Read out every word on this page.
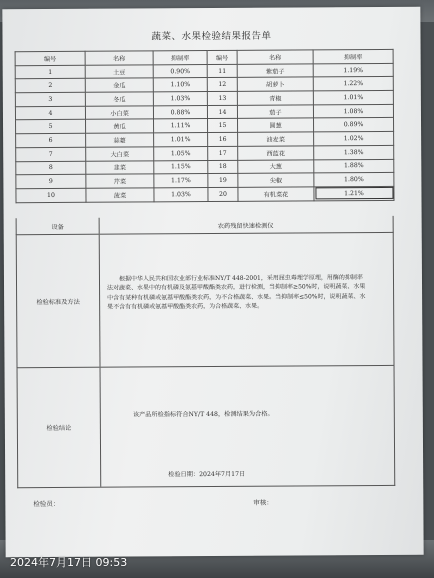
蔬菜、水果检验结果报告单
编号	名称	抑制率	编号	名称	抑制率
1	土豆	0.90%	11	紫茄子	1.19%
2	金瓜	1.10%	12	胡萝卜	1.22%
3	冬瓜	1.03%	13	青椒	1.01%
4	小白菜	0.88%	14	茄子	1.08%
5	黄瓜	1.11%	15	圆葱	0.89%
6	蒜薹	1.01%	16	油麦菜	1.02%
7	大白菜	1.05%	17	西蓝花	1.38%
8	韭菜	1.15%	18	大葱	1.88%
9	芹菜	1.17%	19	尖椒	1.80%
10	菠菜	1.03%	20	有机菜花	1.21%
设备	农药残留快速检测仪
检验标准及方法
根据中华人民共和国农业部行业标准NY/T 448-2001，采用屈虫毒理学原理，用酶的抑制率法对蔬菜、水果中的有机磷及氨基甲酸酯类农药，进行检测，当抑制率≥50%时，说明蔬菜、水果中含有某种有机磷或氨基甲酸酯类农药，为不合格蔬菜、水果。当抑制率≤50%时，说明蔬菜、水果不含有有机磷或氨基甲酸酯类农药，为合格蔬菜、水果。
检验结论
该产品所检指标符合NY/T 448，检测结果为合格。
检验日期：2024年7月17日
检验员：	审核：
2024年7月17日 09:53
